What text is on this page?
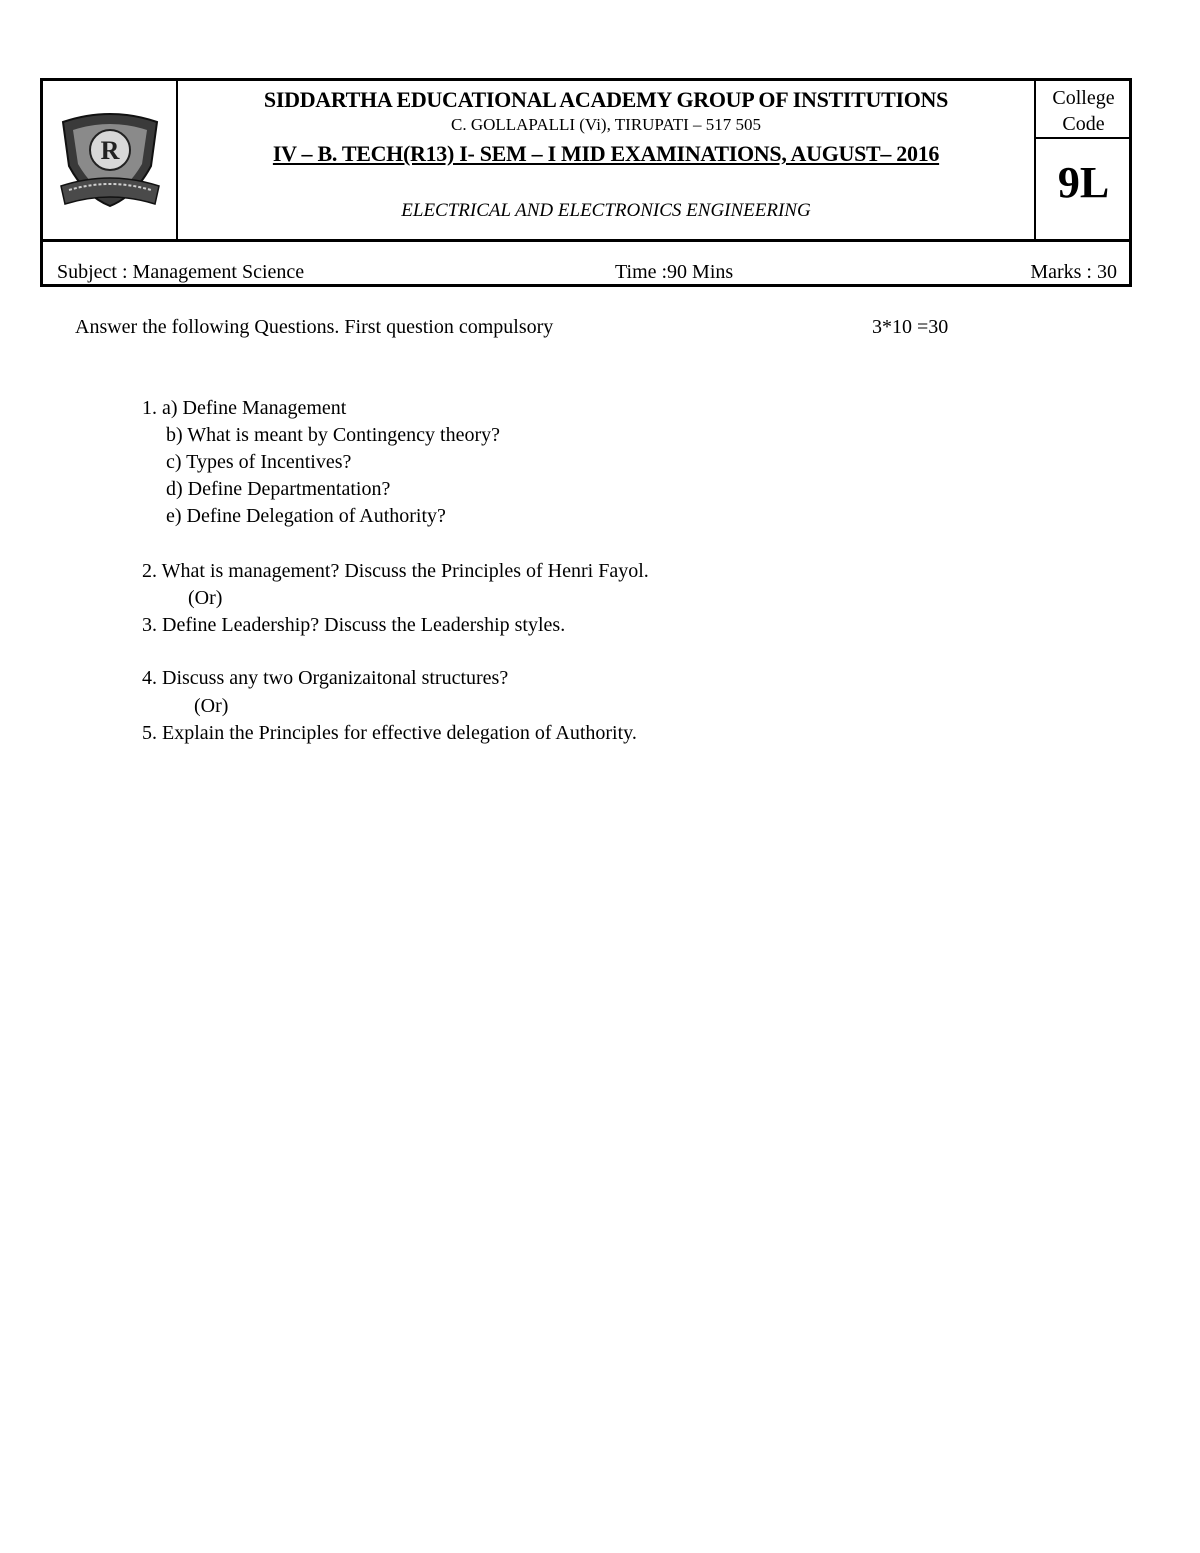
R
SIDDARTHA EDUCATIONAL ACADEMY GROUP OF INSTITUTIONS
C. GOLLAPALLI (Vi), TIRUPATI – 517 505
IV – B. TECH(R13) I- SEM – I MID EXAMINATIONS, AUGUST– 2016
ELECTRICAL AND ELECTRONICS ENGINEERING
College
Code
9L
Subject : Management Science	Time :90 Mins	Marks : 30
Answer the following Questions. First question compulsory	3*10 =30
1. a) Define Management
b) What is meant by Contingency theory?
c) Types of Incentives?
d) Define Departmentation?
e) Define Delegation of Authority?
2. What is management? Discuss the Principles of Henri Fayol.
(Or)
3. Define Leadership? Discuss the Leadership styles.
4. Discuss any two Organizaitonal structures?
(Or)
5. Explain the Principles for effective delegation of Authority.
